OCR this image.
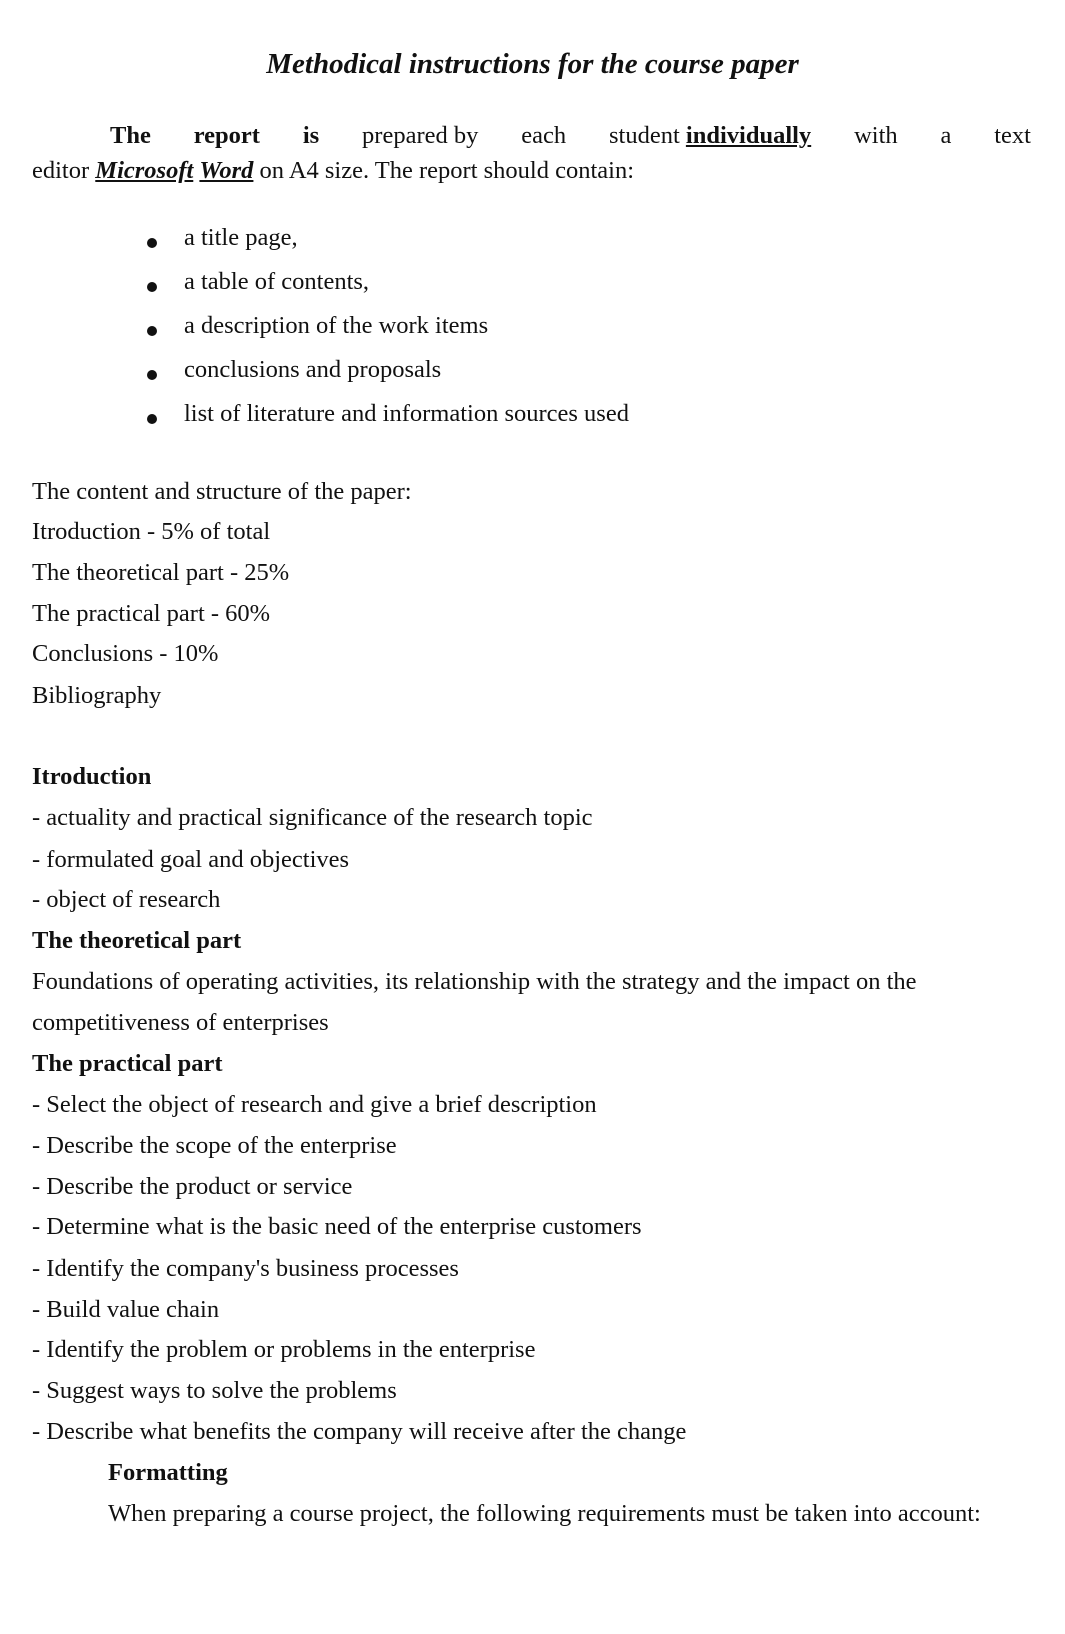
Methodical instructions for the course paper
The report is prepared by each student individually with a text
editor Microsoft Word on A4 size. The report should contain:
a title page,
a table of contents,
a description of the work items
conclusions and proposals
list of literature and information sources used
The content and structure of the paper:
Itroduction - 5% of total
The theoretical part - 25%
The practical part - 60%
Conclusions - 10%
Bibliography
Itroduction
- actuality and practical significance of the research topic
- formulated goal and objectives
- object of research
The theoretical part
Foundations of operating activities, its relationship with the strategy and the impact on the
competitiveness of enterprises
The practical part
- Select the object of research and give a brief description
- Describe the scope of the enterprise
- Describe the product or service
- Determine what is the basic need of the enterprise customers
- Identify the company's business processes
- Build value chain
- Identify the problem or problems in the enterprise
- Suggest ways to solve the problems
- Describe what benefits the company will receive after the change
Formatting
When preparing a course project, the following requirements must be taken into account:
